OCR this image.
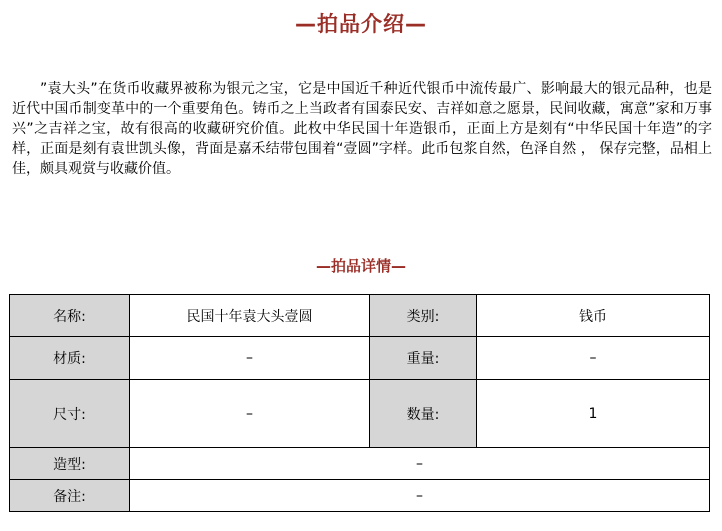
—拍品介绍—

”袁大头”在货币收藏界被称为银元之宝，它是中国近千种近代银币中流传最广、影响最大的银元品种，也是近代中国币制变革中的一个重要角色。铸币之上当政者有国泰民安、吉祥如意之愿景，民间收藏，寓意”家和万事兴”之吉祥之宝，故有很高的收藏研究价值。此枚中华民国十年造银币，正面上方是刻有“中华民国十年造”的字样，正面是刻有袁世凯头像，背面是嘉禾结带包围着“壹圆”字样。此币包浆自然，色泽自然 ， 保存完整，品相上佳，颇具观赏与收藏价值。

—拍品详情—
名称:	民国十年袁大头壹圆	类别:	钱币
材质:	–	重量:	–
尺寸:	–	数量:	1
造型:	–		
备注:	–		
